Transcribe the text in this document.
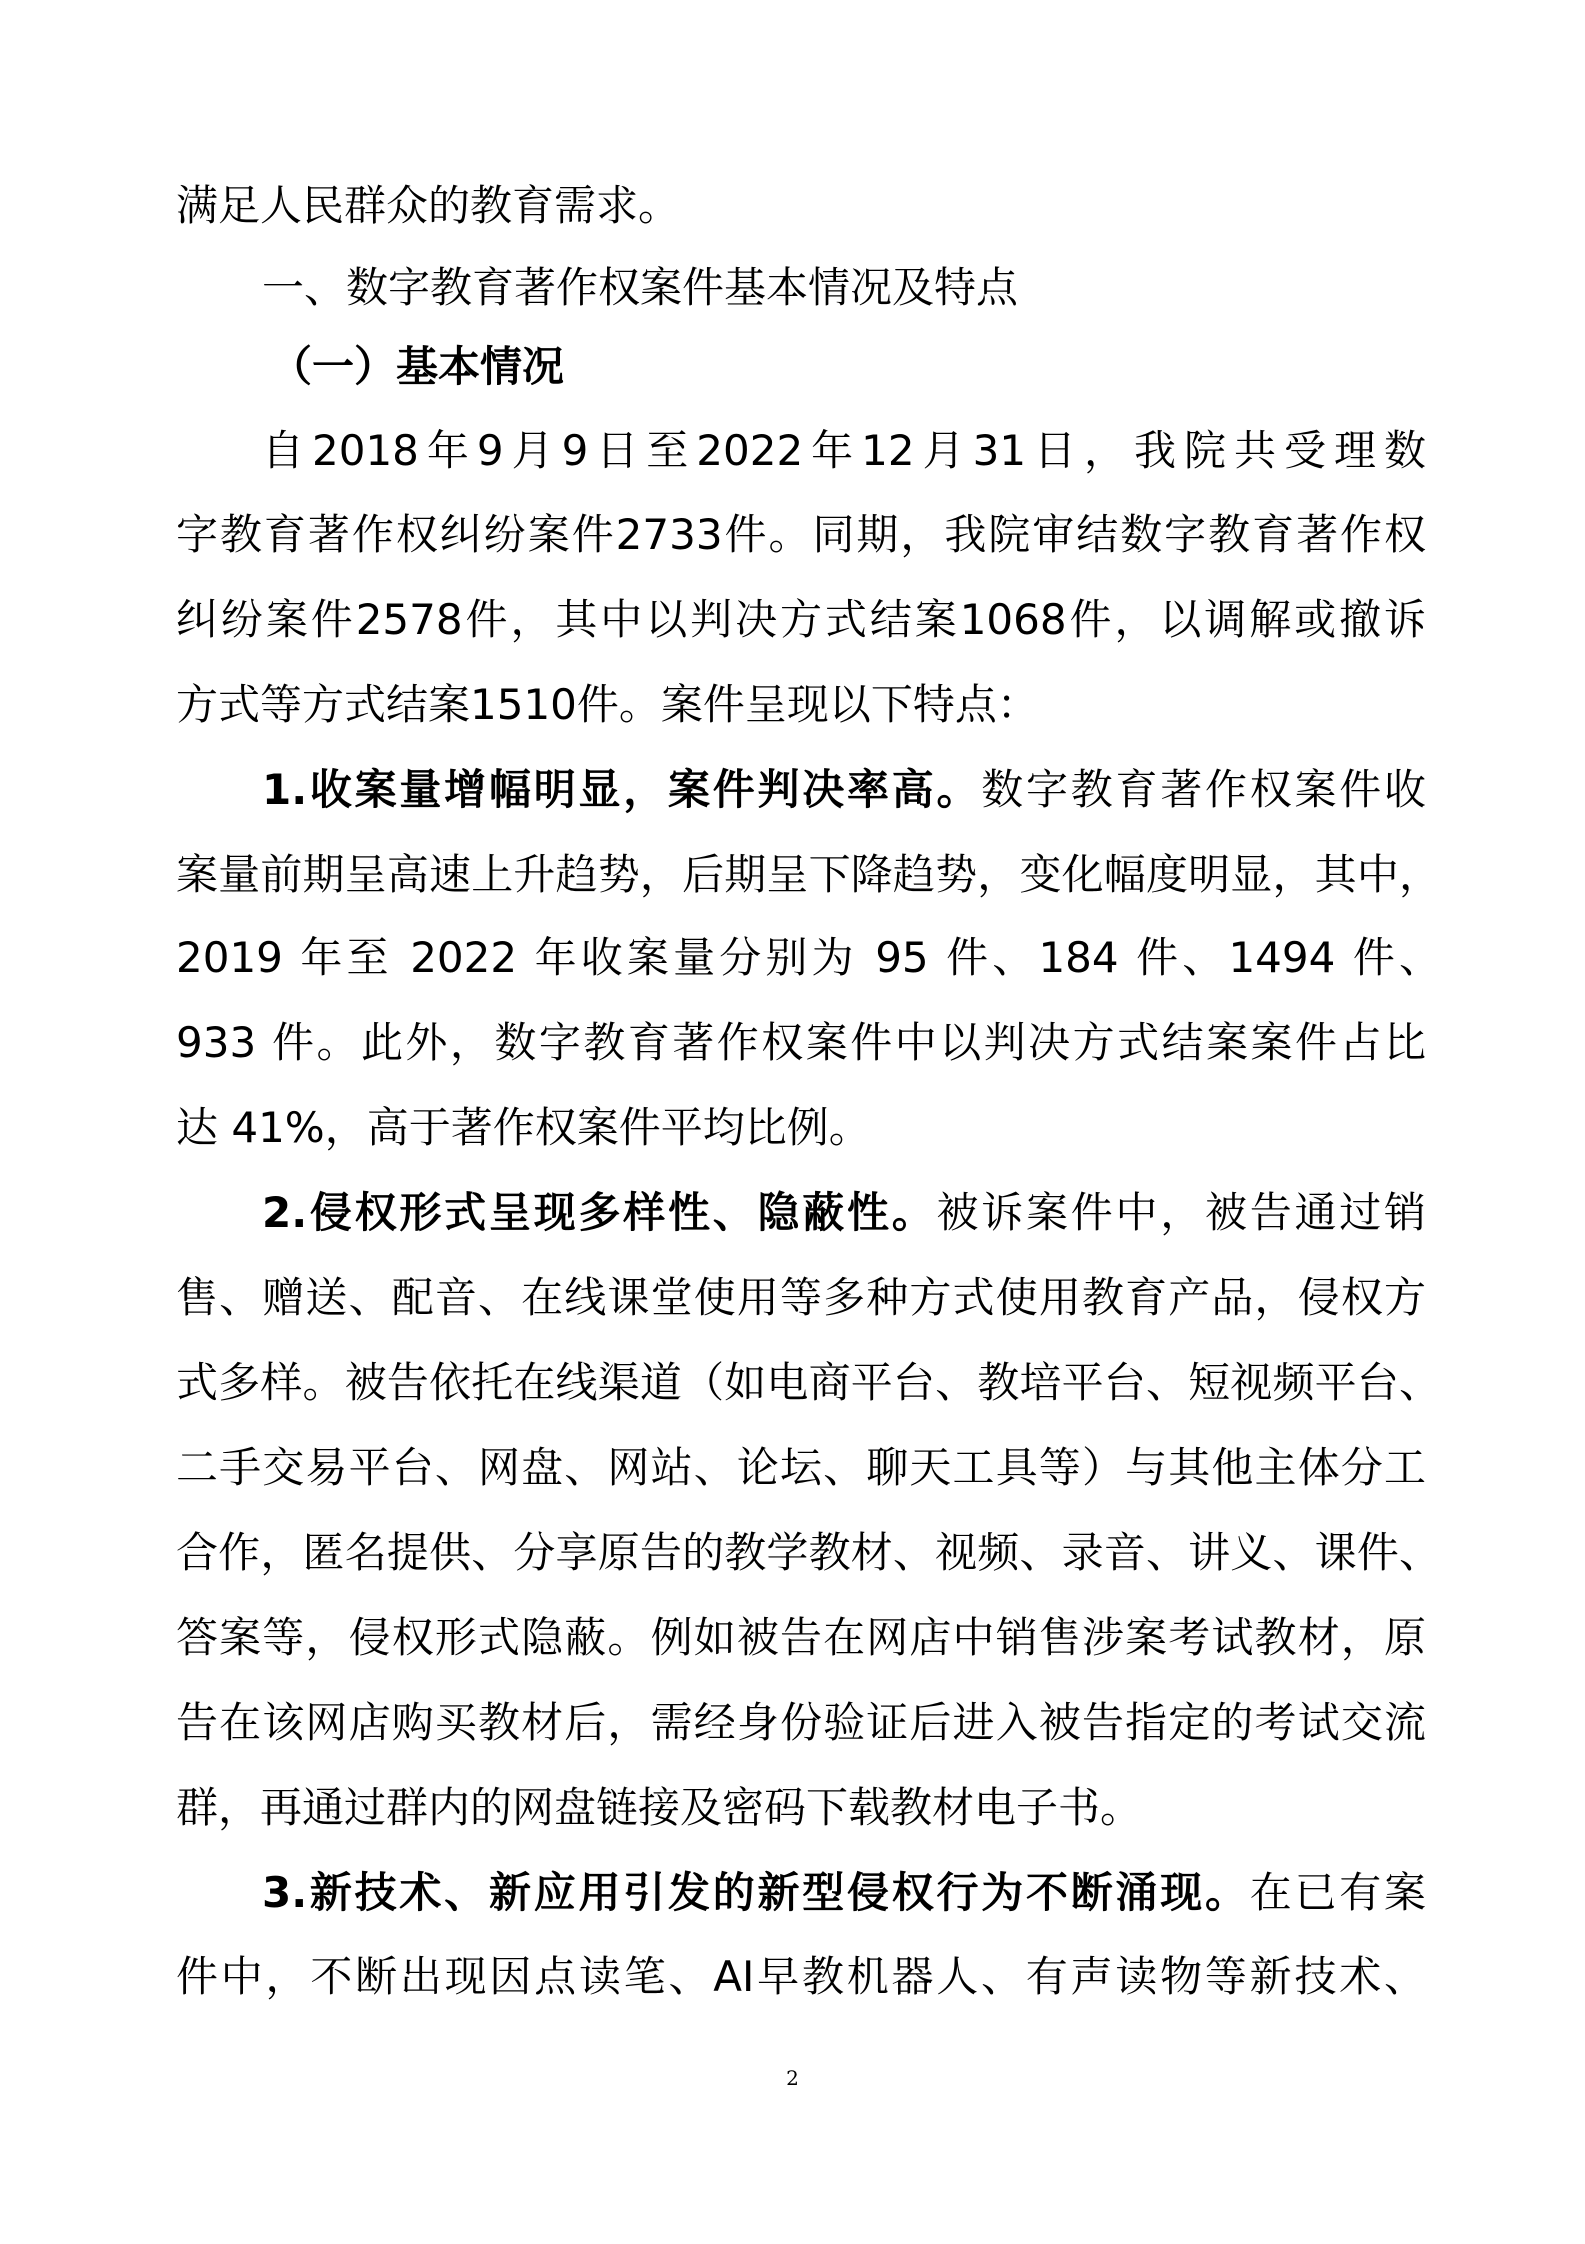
满足人民群众的教育需求。
一、数字教育著作权案件基本情况及特点
（一）基本情况
自2018年9月9日至2022年12月31日，我院共受理数
字教育著作权纠纷案件2733件。同期，我院审结数字教育著作权
纠纷案件2578件，其中以判决方式结案1068件，以调解或撤诉
方式等方式结案1510件。案件呈现以下特点：
1.收案量增幅明显，案件判决率高。数字教育著作权案件收
案量前期呈高速上升趋势，后期呈下降趋势，变化幅度明显，其中，
2019 年至 2022 年收案量分别为 95 件、184 件、1494 件、
933 件。此外，数字教育著作权案件中以判决方式结案案件占比
达 41%，高于著作权案件平均比例。
2.侵权形式呈现多样性、隐蔽性。被诉案件中，被告通过销
售、赠送、配音、在线课堂使用等多种方式使用教育产品，侵权方
式多样。被告依托在线渠道（如电商平台、教培平台、短视频平台、
二手交易平台、网盘、网站、论坛、聊天工具等）与其他主体分工
合作，匿名提供、分享原告的教学教材、视频、录音、讲义、课件、
答案等，侵权形式隐蔽。例如被告在网店中销售涉案考试教材，原
告在该网店购买教材后，需经身份验证后进入被告指定的考试交流
群，再通过群内的网盘链接及密码下载教材电子书。
3.新技术、新应用引发的新型侵权行为不断涌现。在已有案
件中，不断出现因点读笔、AI早教机器人、有声读物等新技术、
2
